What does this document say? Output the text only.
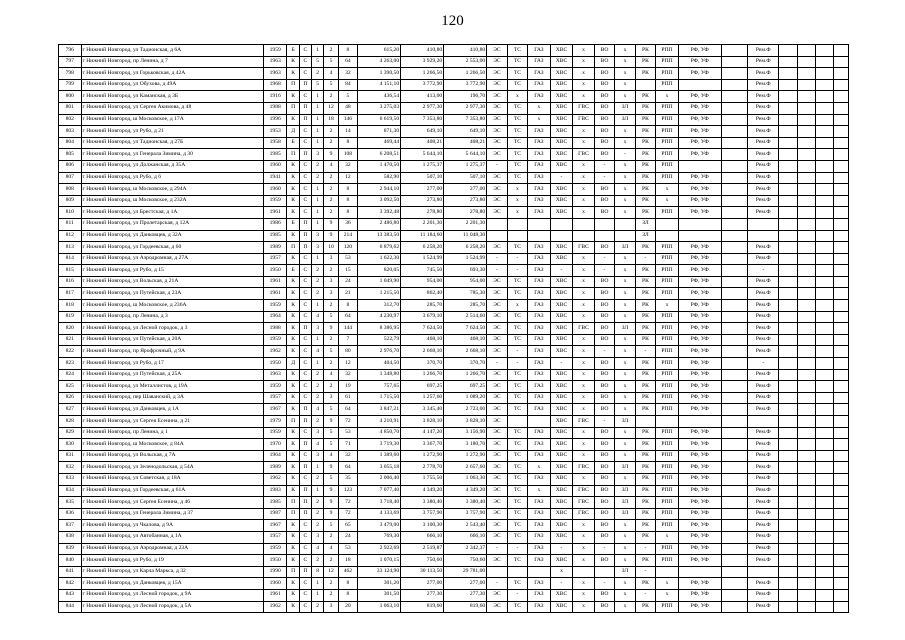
120
796	г Нижний Новгород, ул Тадионская, д 6А	1959	Б	С	1	2	8	615,20	410,80	410,80	ЭС	ТС	ГАЗ	ХВС	х	ВО	х	РК	РПП	РФ, УФ		Рем.Ф				
797	г Нижний Новгород, пр Ленина, д 7	1963	К	С	5	5	64	4 263,00	3 929,20	2 553,00	ЭС	ТС	ГАЗ	ХВС	х	ВО	х	РК	РПП	РФ, УФ		Рем.Ф				
798	г Нижний Новгород, ул Горьковская, д 42А	1963	К	С	2	4	32	1 390,50	1 266,50	1 266,50	ЭС	ТС	ГАЗ	ХВС	х	ВО	х	РК	РПП	РФ, УФ		Рем.Ф				
799	г Нижний Новгород, ул Обухова, д 49А	1968	П	П	5	5	84	4 151,10	3 772,90	3 772,90	ЭС	ТС	ГАЗ	ХВС	х	ВО	х		РПП			Рем.Ф				
800	г Нижний Новгород, ул Каманская, д 3Б	1916	К	С	1	2	5	436,54	413,00	196,70	ЭС	х	ГАЗ	ХВС	х	ВО	х	РК	х	РФ, УФ		Рем.Ф				
801	г Нижний Новгород, ул Сергея Акимова, д 48	1988	П	П	1	12	48	3 275,03	2 977,30	2 977,30	ЭС	ТС	х	ХВС	ГВС	ВО	ЗЛ	РК	РПП	РФ, УФ		Рем.Ф				
802	г Нижний Новгород, ш Московское, д 17А	1996	К	П	1	18	146	6 619,50	7 353,80	7 353,80	ЭС	ТС	х	ХВС	ГВС	ВО	ЗЛ	РК	РПП	РФ, УФ		Рем.Ф				
803	г Нижний Новгород, ул Рубо, д 21	1953	Д	С	1	2	14	871,30	649,10	649,10	ЭС	ТС	ГАЗ	ХВС	х	ВО	х	РК	РПП	РФ, УФ		Рем.Ф				
804	г Нижний Новгород, ул Тадионская, д 27Б	1958	Б	С	1	2	8	469,44	408,21	408,21	ЭС	ТС	ГАЗ	ХВС	х	ВО	х	РК	РПП	РФ, УФ		Рем.Ф				
805	г Нижний Новгород, ул Генерала Зимина, д 30	1985	П	П	3	9	108	6 208,51	5 644,10	5 644,10	ЭС	ТС	ГАЗ	ХВС	ГВС	ВО	-	РК	РПП	РФ, УФ		Рем.Ф				
806	г Нижний Новгород, ул Должанская, д 35А	1960	К	С	2	4	32	1 470,50	1 275,37	1 275,37	-	ТС	ГАЗ	ХВС	х	-	х	РК	РПП			Рем.Ф				
807	г Нижний Новгород, ул Рубо, д 6	1941	К	С	2	2	12	582,90	507,10	507,10	ЭС	ТС	ГАЗ	-	х	-	х	РК	РПП	РФ, УФ		Рем.Ф				
808	г Нижний Новгород, ш Московское, д 294А	1960	К	С	1	2	8	2 944,10	277,00	277,00	ЭС	х	ГАЗ	ХВС	х	ВО	х	РК	х	РФ, УФ		Рем.Ф				
809	г Нижний Новгород, ш Московское, д 232А	1959	К	С	1	2	8	3 092,50	273,80	273,80	ЭС	х	ГАЗ	ХВС	х	ВО	х	РК	х	РФ, УФ		Рем.Ф				
810	г Нижний Новгород, ул Брестская, д 1А	1961	К	С	1	2	8	3 392,48	278,80	278,80	ЭС	х	ГАЗ	ХВС	х	ВО	х	РК	РПП	РФ, УФ		Рем.Ф				
811	г Нижний Новгород, ул Пролетарская, д 12А	1986	Б	П	1	9	36	2 486,80	2 201,30	2 201,30								ЗЛ								
812	г Нижний Новгород, ул Данковцев, д 32А	1985	К	П	3	9	214	13 383,50	11 184,60	11 048,30								ЗЛ								
813	г Нижний Новгород, ул Гордеевская, д 60	1989	П	П	3	10	120	6 879,62	6 258,20	6 258,20	ЭС	ТС	ГАЗ	ХВС	ГВС	ВО	ЗЛ	РК	РПП	РФ, УФ		Рем.Ф				
814	г Нижний Новгород, ул Аэродромная, д 27А	1957	К	С	1	3	53	1 622,30	1 524,99	1 524,99	-	-	ГАЗ	ХВС	х	-	х	-	РПП	РФ, УФ		Рем.Ф				
815	г Нижний Новгород, ул Рубо, д 15	1950	Б	С	2	2	15	820,05	745,50	693,30	-	-	ГАЗ	-	х	-	х	РК	РПП	РФ, УФ		-				
816	г Нижний Новгород, ул Вольская, д 21А	1961	К	С	2	3	24	1 049,90	954,00	954,00	ЭС	ТС	ГАЗ	ХВС	х	ВО	х	РК	РПП	РФ, УФ		Рем.Ф				
817	г Нижний Новгород, ул Путейская, д 23А	1961	К	С	2	3	21	1 215,50	862,40	785,30	ЭС	ТС	ГАЗ	ХВС	х	ВО	х	РК	РПП	РФ, УФ		Рем.Ф				
818	г Нижний Новгород, ш Московское, д 236А	1959	К	С	1	2	8	312,70	285,70	285,70	ЭС	х	ГАЗ	ХВС	х	ВО	х	РК	х	РФ, УФ		Рем.Ф				
819	г Нижний Новгород, пр Ленина, д 3	1964	К	С	4	5	64	4 230,97	3 679,10	2 514,60	ЭС	ТС	ГАЗ	ХВС	х	ВО	х	РК	РПП	РФ, УФ		Рем.Ф				
820	г Нижний Новгород, ул Лесной городок, д 3	1988	К	П	3	9	144	8 386,95	7 624,50	7 624,50	ЭС	ТС	ГАЗ	ХВС	ГВС	ВО	ЗЛ	РК	РПП	РФ, УФ		Рем.Ф				
821	г Нижний Новгород, ул Путейская, д 20А	1959	К	С	1	2	7	522,79	468,10	468,10	ЭС	ТС	ГАЗ	ХВС	х	ВО	х	РК	РПП	РФ, УФ		Рем.Ф				
822	г Нижний Новгород, пр Ярофрочный, д 9А	1962	К	С	4	5	80	2 976,70	2 668,10	2 668,10	ЭС	-	ГАЗ	ХВС	х	-	х	-	РПП	РФ, УФ		Рем.Ф				
823	г Нижний Новгород, ул Рубо, д 17	1950	Д	С	1	2	12	404,50	370,70	370,70	-	-	ГАЗ	-	х	ВО	х	РК	РПП	РФ, УФ		-				
824	г Нижний Новгород, ул Путейская, д 25А	1963	К	С	2	4	32	1 348,80	1 266,70	1 266,70	ЭС	ТС	ГАЗ	ХВС	х	ВО	х	РК	РПП	РФ, УФ		Рем.Ф				
825	г Нижний Новгород, ул Металлистов, д 19А	1959	К	С	2	2	19	757,65	697,25	697,25	ЭС	ТС	ГАЗ	ХВС	х	ВО	х	РК	РПП	РФ, УФ		Рем.Ф				
826	г Нижний Новгород, пер Шаванский, д 3А	1957	К	С	2	3	61	1 715,50	1 257,60	1 089,20	ЭС	ТС	ГАЗ	ХВС	х	ВО	х	РК	РПП	РФ, УФ		Рем.Ф				
827	г Нижний Новгород, ул Данковцев, д 1А	1967	К	П	4	5	64	3 847,21	3 345,40	2 723,00	ЭС	ТС	ГАЗ	ХВС	х	ВО	х	РК	РПП	РФ, УФ		Рем.Ф				
828	г Нижний Новгород, ул Сергея Есенина, д 21	1979	П	П	2	9	72	4 210,91	3 828,10	3 828,10	ЭС			ХВС	ГВС	-	ЗЛ									
829	г Нижний Новгород, пр Ленина, д 1	1959	К	С	3	5	53	4 850,70	4 147,20	3 156,90	ЭС	ТС	ГАЗ	ХВС	х	ВО	х	РК	РПП	РФ, УФ		Рем.Ф				
830	г Нижний Новгород, ш Московское, д 84А	1970	К	П	4	5	71	3 719,30	3 367,70	3 180,70	ЭС	ТС	ГАЗ	ХВС	х	ВО	х	РК	РПП	РФ, УФ		Рем.Ф				
831	г Нижний Новгород, ул Вольская, д 7А	1964	К	С	3	4	32	1 389,60	1 272,90	1 272,90	ЭС	ТС	ГАЗ	ХВС	х	ВО	х	РК	РПП	РФ, УФ		Рем.Ф				
832	г Нижний Новгород, ул Зеленодольская, д 54А	1989	К	П	1	9	64	3 055,18	2 778,70	2 657,60	ЭС	ТС	х	ХВС	ГВС	ВО	ЗЛ	РК	РПП	РФ, УФ		Рем.Ф				
833	г Нижний Новгород, ул Советская, д 18А	1962	К	С	2	5	35	2 006,40	1 755,50	1 063,30	ЭС	ТС	ГАЗ	ХВС	х	ВО	х	РК	РПП	РФ, УФ		Рем.Ф				
834	г Нижний Новгород, ул Гордеевская, д 61А	1983	К	П	1	9	123	7 077,40	4 349,20	4 349,20	ЭС	ТС	х	ХВС	ГВС	ВО	ЗЛ	РК	РПП	РФ, УФ		Рем.Ф				
835	г Нижний Новгород, ул Сергея Есенина, д 46	1985	П	П	2	9	72	3 718,40	3 380,40	3 380,40	ЭС	ТС	ГАЗ	ХВС	ГВС	ВО	ЗЛ	РК	РПП	РФ, УФ		Рем.Ф				
836	г Нижний Новгород, ул Генерала Зимина, д 37	1987	П	П	2	9	72	4 133,69	3 757,90	3 757,90	ЭС	ТС	ГАЗ	ХВС	ГВС	ВО	ЗЛ	РК	РПП	РФ, УФ		Рем.Ф				
837	г Нижний Новгород, ул Чкалова, д 9А	1967	К	С	2	5	65	3 479,00	3 100,30	2 543,40	ЭС	ТС	ГАЗ	ХВС	х	ВО	х	РК	РПП	РФ, УФ		Рем.Ф				
838	г Нижний Новгород, ул Автобанная, д 1А	1957	К	С	3	2	24	769,30	666,10	666,10	ЭС	ТС	ГАЗ	ХВС	х	ВО	х	РК	х	РФ, УФ		Рем.Ф				
839	г Нижний Новгород, ул Аэродромная, д 23А	1959	К	С	4	4	53	2 922,69	2 519,87	2 342,37	-	-	ГАЗ	-	х	-	х	-	РПП	РФ, УФ		Рем.Ф				
840	г Нижний Новгород, ул Рубо, д 19	1950	К	С	2	2	18	1 070,15	750,60	750,60	ЭС	ТС	ГАЗ	ХВС	х	ВО	х	РК	РПП	РФ, УФ		Рем.Ф				
841	г Нижний Новгород, ул Карла Маркса, д 32	1990	П	П	8	12	462	33 124,90	30 113,50	29 781,00				х			ЗЛ	-								
842	г Нижний Новгород, ул Данковцев, д 15А	1960	К	С	1	2	8	301,20	277,00	277,00	-	ТС	ГАЗ	-	х	-	х	РК	х	РФ, УФ		Рем.Ф				
843	г Нижний Новгород, ул Лесной городок, д 9А	1961	К	С	1	2	8	301,50	277,30	277,30	ЭС	-	ГАЗ	ХВС	х	ВО	х	-	х	РФ, УФ		Рем.Ф				
844	г Нижний Новгород, ул Лесной городок, д 5А	1962	К	С	2	3	20	1 063,10	819,60	819,60	ЭС	ТС	ГАЗ	ХВС	х	ВО	х	РК	РПП	РФ, УФ		Рем.Ф				
